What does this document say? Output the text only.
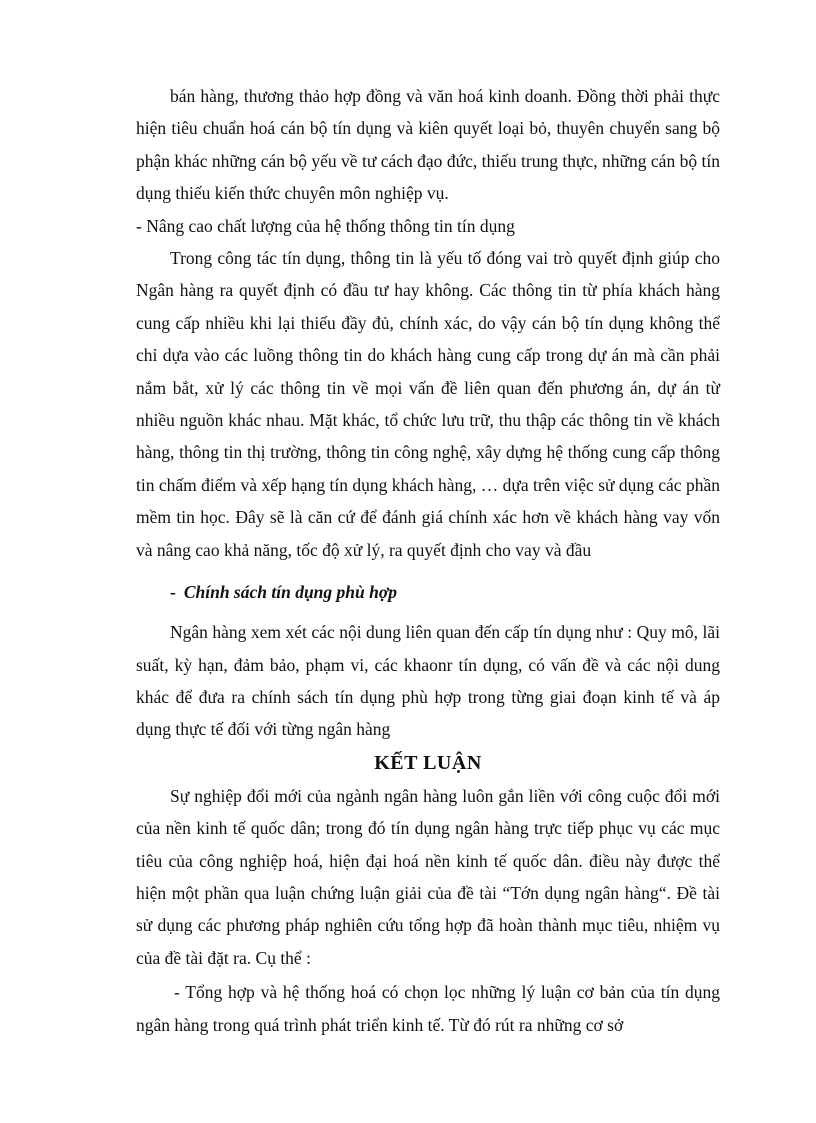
bán hàng, thương thảo hợp đồng và văn hoá kinh doanh. Đồng thời phải thực hiện tiêu chuẩn hoá cán bộ tín dụng và kiên quyết loại bỏ, thuyên chuyển sang bộ phận khác những cán bộ yếu về tư cách đạo đức, thiếu trung thực, những cán bộ tín dụng thiếu kiến thức chuyên môn nghiệp vụ.

- Nâng cao chất lượng của hệ thống thông tin tín dụng

Trong công tác tín dụng, thông tin là yếu tố đóng vai trò quyết định giúp cho Ngân hàng ra quyết định có đầu tư hay không. Các thông tin từ phía khách hàng cung cấp nhiều khi lại thiếu đầy đủ, chính xác, do vậy cán bộ tín dụng không thể chỉ dựa vào các luồng thông tin do khách hàng cung cấp trong dự án mà cần phải nắm bắt, xử lý các thông tin về mọi vấn đề liên quan đến phương án, dự án từ nhiều nguồn khác nhau. Mặt khác, tổ chức lưu trữ, thu thập các thông tin về khách hàng, thông tin thị trường, thông tin công nghệ, xây dựng hệ thống cung cấp thông tin chấm điểm và xếp hạng tín dụng khách hàng, … dựa trên việc sử dụng các phần mềm tin học. Đây sẽ là căn cứ để đánh giá chính xác hơn về khách hàng vay vốn và nâng cao khả năng, tốc độ xử lý, ra quyết định cho vay và đầu

- Chính sách tín dụng phù hợp

Ngân hàng xem xét các nội dung liên quan đến cấp tín dụng như : Quy mô, lãi suất, kỳ hạn, đảm bảo, phạm vi, các khaonr tín dụng, có vấn đề và các nội dung khác để đưa ra chính sách tín dụng phù hợp trong từng giai đoạn kinh tế và áp dụng thực tế đối với từng ngân hàng

KẾT LUẬN

Sự nghiệp đổi mới của ngành ngân hàng luôn gắn liền với công cuộc đổi mới của nền kinh tế quốc dân; trong đó tín dụng ngân hàng trực tiếp phục vụ các mục tiêu của công nghiệp hoá, hiện đại hoá nền kinh tế quốc dân. điều này được thể hiện một phần qua luận chứng luận giải của đề tài “Tớn dụng ngân hàng“. Đề tài sử dụng các phương pháp nghiên cứu tổng hợp đã hoàn thành mục tiêu, nhiệm vụ của đề tài đặt ra. Cụ thể :

- Tổng hợp và hệ thống hoá có chọn lọc những lý luận cơ bản của tín dụng ngân hàng trong quá trình phát triển kinh tế. Từ đó rút ra những cơ sở
